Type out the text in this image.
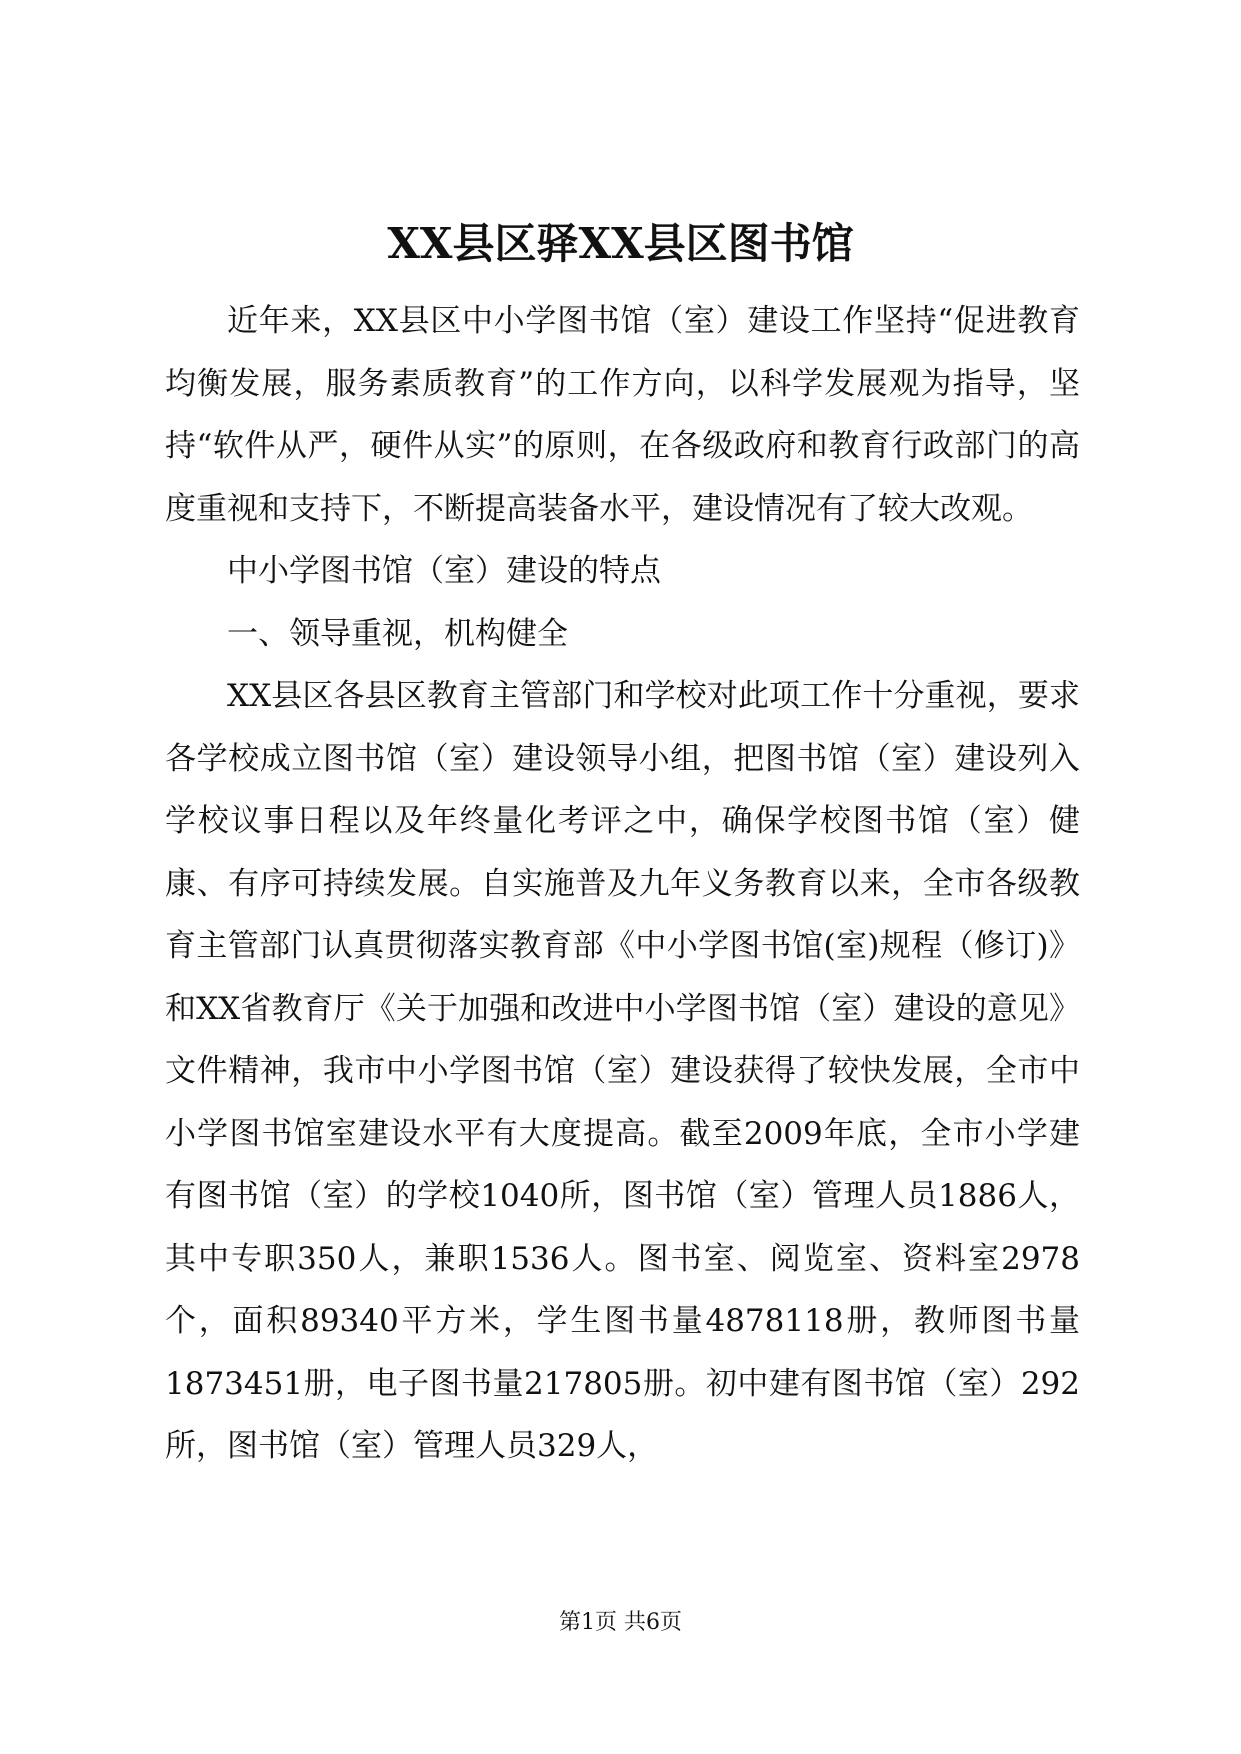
XX县区驿XX县区图书馆

近年来，XX县区中小学图书馆（室）建设工作坚持“促进教育均衡发展，服务素质教育”的工作方向，以科学发展观为指导，坚持“软件从严，硬件从实”的原则，在各级政府和教育行政部门的高度重视和支持下，不断提高装备水平，建设情况有了较大改观。

中小学图书馆（室）建设的特点

一、领导重视，机构健全

XX县区各县区教育主管部门和学校对此项工作十分重视，要求各学校成立图书馆（室）建设领导小组，把图书馆（室）建设列入学校议事日程以及年终量化考评之中，确保学校图书馆（室）健康、有序可持续发展。自实施普及九年义务教育以来，全市各级教育主管部门认真贯彻落实教育部《中小学图书馆(室)规程（修订)》和XX省教育厅《关于加强和改进中小学图书馆（室）建设的意见》文件精神，我市中小学图书馆（室）建设获得了较快发展，全市中小学图书馆室建设水平有大度提高。截至2009年底，全市小学建有图书馆（室）的学校1040所，图书馆（室）管理人员1886人，其中专职350人，兼职1536人。图书室、阅览室、资料室2978个，面积89340平方米，学生图书量4878118册，教师图书量1873451册，电子图书量217805册。初中建有图书馆（室）292所，图书馆（室）管理人员329人，

第1页 共6页
